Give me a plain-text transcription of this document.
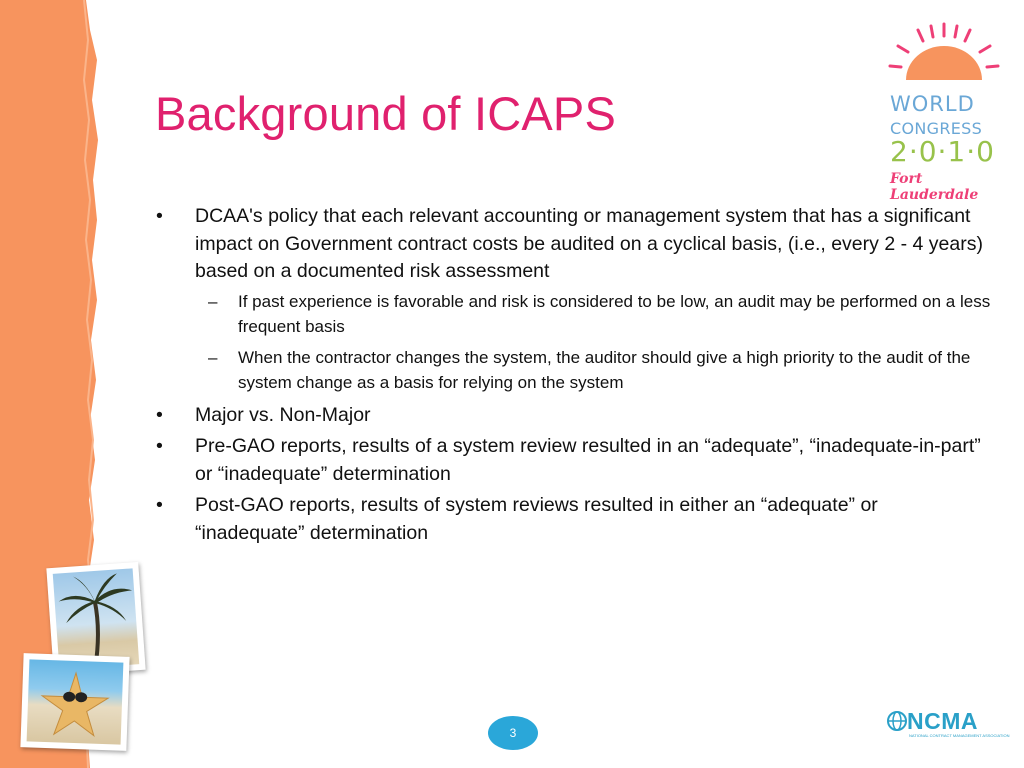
Background of ICAPS
• DCAA's policy that each relevant accounting or management system that has a significant impact on Government contract costs be audited on a cyclical basis, (i.e., every 2 - 4 years) based on a documented risk assessment
– If past experience is favorable and risk is considered to be low, an audit may be performed on a less frequent basis
– When the contractor changes the system, the auditor should give a high priority to the audit of the system change as a basis for relying on the system
• Major vs. Non-Major
• Pre-GAO reports, results of a system review resulted in an “adequate”, “inadequate-in-part” or “inadequate” determination
• Post-GAO reports, results of system reviews resulted in either an “adequate” or “inadequate” determination
WORLD
CONGRESS
2·0·1·0
Fort Lauderdale
3	NCMA
NATIONAL CONTRACT MANAGEMENT ASSOCIATION
